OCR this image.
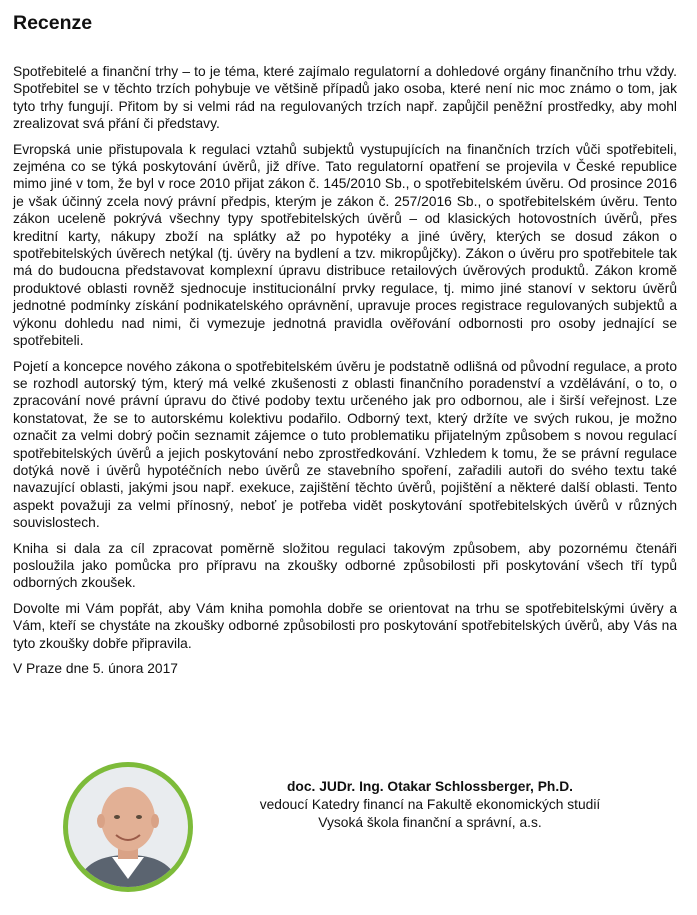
Recenze

Spotřebitelé a finanční trhy – to je téma, které zajímalo regulatorní a dohledové orgány finančního trhu vždy. Spotřebitel se v těchto trzích pohybuje ve většině případů jako osoba, které není nic moc známo o tom, jak tyto trhy fungují. Přitom by si velmi rád na regulovaných trzích např. zapůjčil peněžní prostředky, aby mohl zrealizovat svá přání či představy.

Evropská unie přistupovala k regulaci vztahů subjektů vystupujících na finančních trzích vůči spotřebiteli, zejména co se týká poskytování úvěrů, již dříve. Tato regulatorní opatření se projevila v České republice mimo jiné v tom, že byl v roce 2010 přijat zákon č. 145/2010 Sb., o spotřebitelském úvěru. Od prosince 2016 je však účinný zcela nový právní předpis, kterým je zákon č. 257/2016 Sb., o spotřebitelském úvěru. Tento zákon uceleně pokrývá všechny typy spotřebitelských úvěrů – od klasických hotovostních úvěrů, přes kreditní karty, nákupy zboží na splátky až po hypotéky a jiné úvěry, kterých se dosud zákon o spotřebitelských úvěrech netýkal (tj. úvěry na bydlení a tzv. mikropůjčky). Zákon o úvěru pro spotřebitele tak má do budoucna představovat komplexní úpravu distribuce retailových úvěrových produktů. Zákon kromě produktové oblasti rovněž sjednocuje institucionální prvky regulace, tj. mimo jiné stanoví v sektoru úvěrů jednotné podmínky získání podnikatelského oprávnění, upravuje proces registrace regulovaných subjektů a výkonu dohledu nad nimi, či vymezuje jednotná pravidla ověřování odbornosti pro osoby jednající se spotřebiteli.

Pojetí a koncepce nového zákona o spotřebitelském úvěru je podstatně odlišná od původní regulace, a proto se rozhodl autorský tým, který má velké zkušenosti z oblasti finančního poradenství a vzdělávání, o to, o zpracování nové právní úpravu do čtivé podoby textu určeného jak pro odbornou, ale i širší veřejnost. Lze konstatovat, že se to autorskému kolektivu podařilo. Odborný text, který držíte ve svých rukou, je možno označit za velmi dobrý počin seznamit zájemce o tuto problematiku přijatelným způsobem s novou regulací spotřebitelských úvěrů a jejich poskytování nebo zprostředkování. Vzhledem k tomu, že se právní regulace dotýká nově i úvěrů hypotéčních nebo úvěrů ze stavebního spoření, zařadili autoři do svého textu také navazující oblasti, jakými jsou např. exekuce, zajištění těchto úvěrů, pojištění a některé další oblasti. Tento aspekt považuji za velmi přínosný, neboť je potřeba vidět poskytování spotřebitelských úvěrů v různých souvislostech.

Kniha si dala za cíl zpracovat poměrně složitou regulaci takovým způsobem, aby pozornému čtenáři posloužila jako pomůcka pro přípravu na zkoušky odborné způsobilosti při poskytování všech tří typů odborných zkoušek.

Dovolte mi Vám popřát, aby Vám kniha pomohla dobře se orientovat na trhu se spotřebitelskými úvěry a Vám, kteří se chystáte na zkoušky odborné způsobilosti pro poskytování spotřebitelských úvěrů, aby Vás na tyto zkoušky dobře připravila.

V Praze dne 5. února 2017

doc. JUDr. Ing. Otakar Schlossberger, Ph.D.
vedoucí Katedry financí na Fakultě ekonomických studií
Vysoká škola finanční a správní, a.s.
